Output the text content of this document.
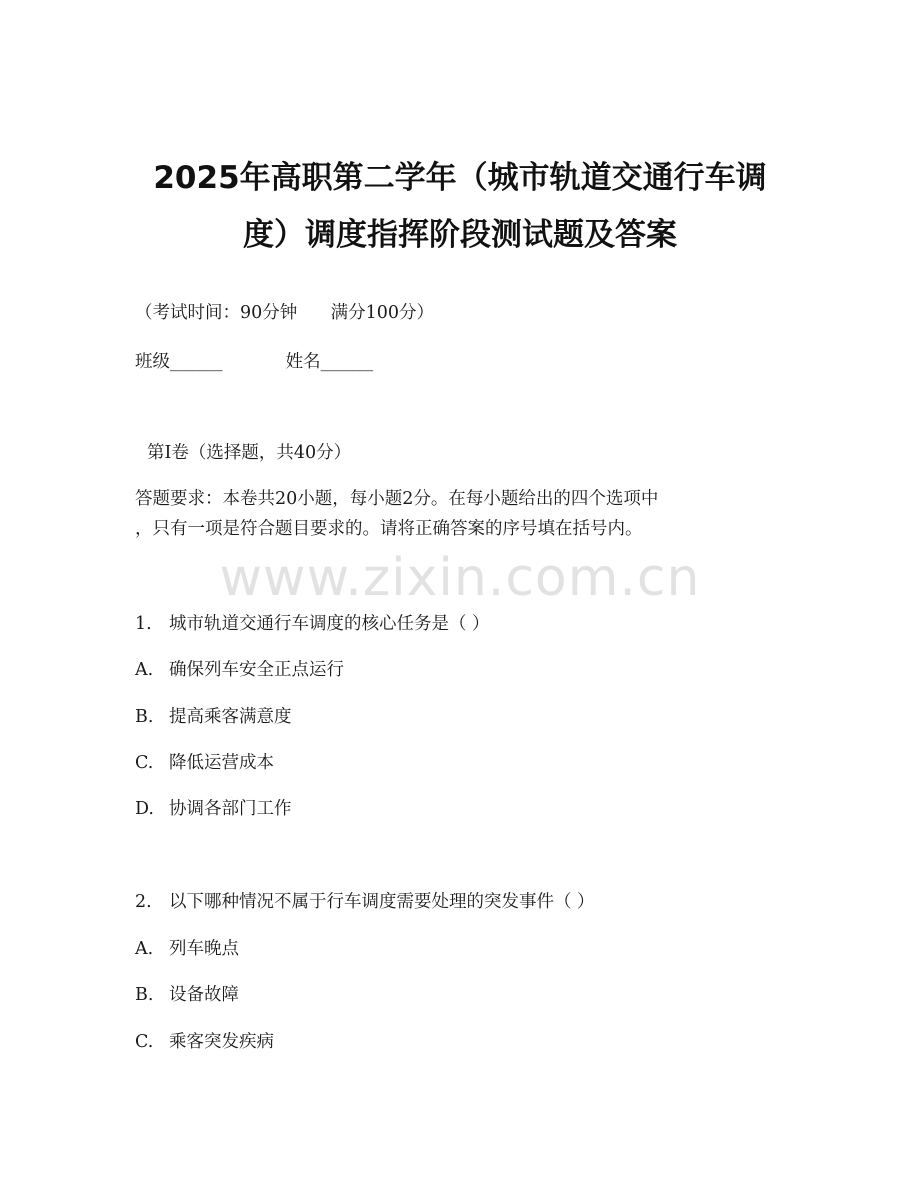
2025年高职第二学年（城市轨道交通行车调
度）调度指挥阶段测试题及答案
（考试时间：90分钟      满分100分）
班级______	姓名______
第I卷（选择题，共40分）
答题要求：本卷共20小题，每小题2分。在每小题给出的四个选项中
，只有一项是符合题目要求的。请将正确答案的序号填在括号内。
www.zixin.com.cn
1. 城市轨道交通行车调度的核心任务是（ ）
A. 确保列车安全正点运行
B. 提高乘客满意度
C. 降低运营成本
D. 协调各部门工作
2. 以下哪种情况不属于行车调度需要处理的突发事件（ ）
A. 列车晚点
B. 设备故障
C. 乘客突发疾病
